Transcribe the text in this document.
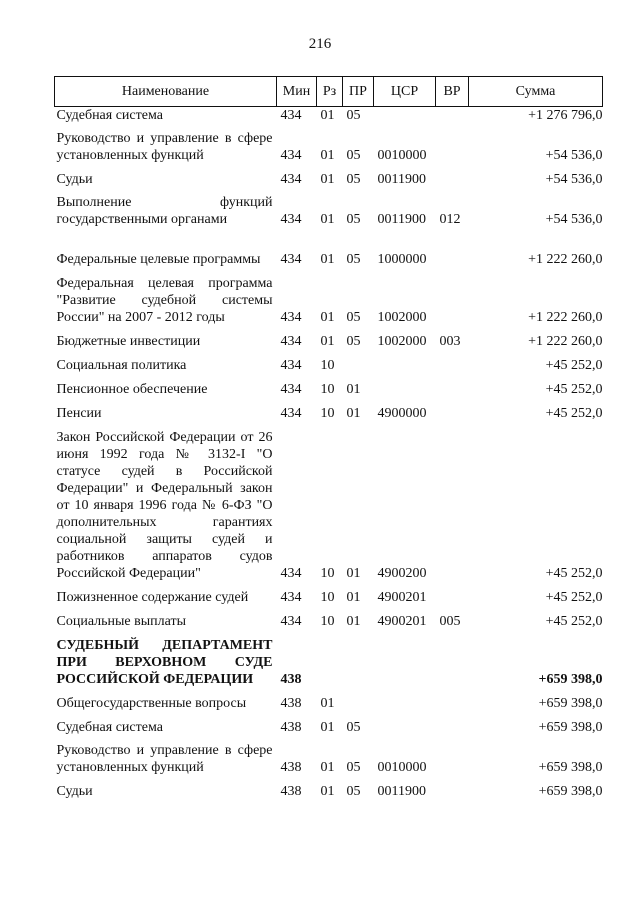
216
Наименование	Мин	Рз	ПР	ЦСР	ВР	Сумма
Судебная система	434	01	05			+1 276 796,0
Руководство и управление в сфере установленных функций	434	01	05	0010000		+54 536,0
Судьи	434	01	05	0011900		+54 536,0
Выполнение функций государственными органами	434	01	05	0011900	012	+54 536,0
Федеральные целевые программы	434	01	05	1000000		+1 222 260,0
Федеральная целевая программа "Развитие судебной системы России" на 2007 - 2012 годы	434	01	05	1002000		+1 222 260,0
Бюджетные инвестиции	434	01	05	1002000	003	+1 222 260,0
Социальная политика	434	10				+45 252,0
Пенсионное обеспечение	434	10	01			+45 252,0
Пенсии	434	10	01	4900000		+45 252,0
Закон Российской Федерации от 26 июня 1992 года № 3132-I "О статусе судей в Российской Федерации" и Федеральный закон от 10 января 1996 года № 6-ФЗ "О дополнительных гарантиях социальной защиты судей и работников аппаратов судов Российской Федерации"	434	10	01	4900200		+45 252,0
Пожизненное содержание судей	434	10	01	4900201		+45 252,0
Социальные выплаты	434	10	01	4900201	005	+45 252,0
СУДЕБНЫЙ ДЕПАРТАМЕНТ ПРИ ВЕРХОВНОМ СУДЕ РОССИЙСКОЙ ФЕДЕРАЦИИ	438					+659 398,0
Общегосударственные вопросы	438	01				+659 398,0
Судебная система	438	01	05			+659 398,0
Руководство и управление в сфере установленных функций	438	01	05	0010000		+659 398,0
Судьи	438	01	05	0011900		+659 398,0
